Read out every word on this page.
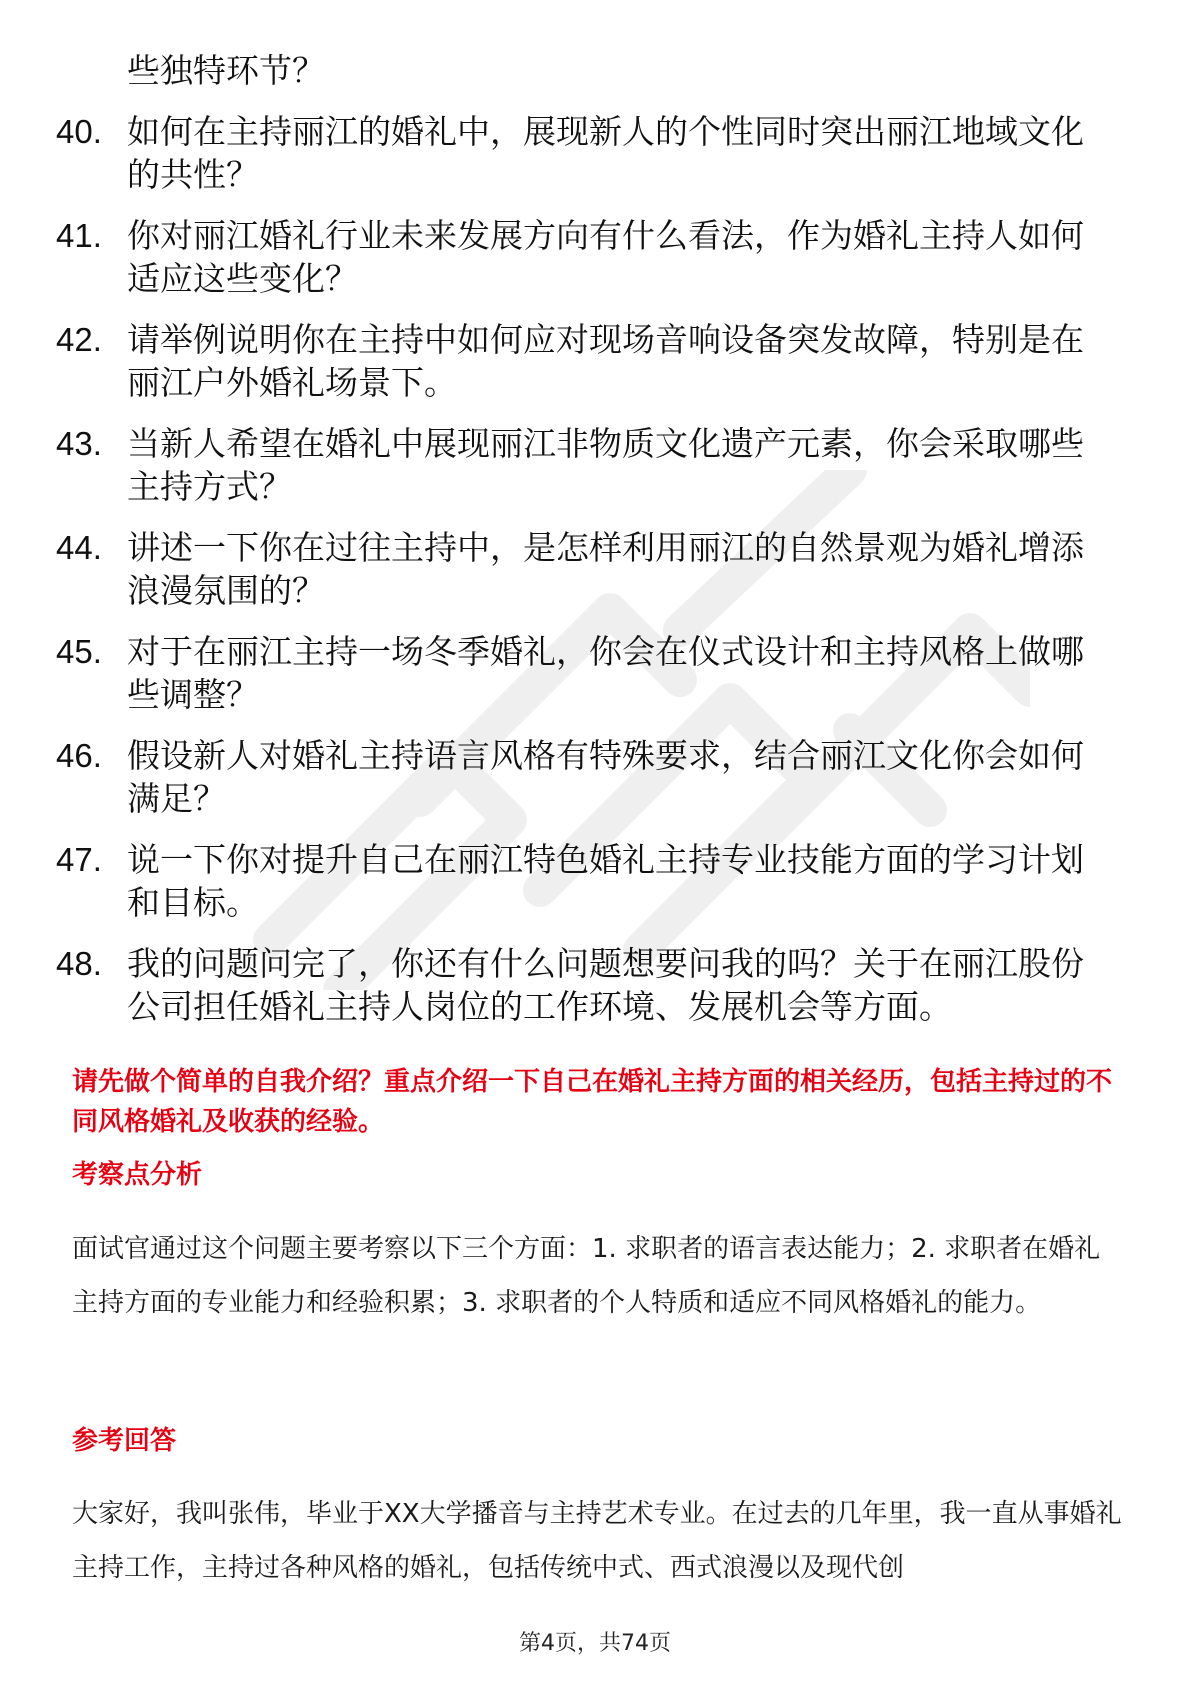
些独特环节？
40. 如何在主持丽江的婚礼中，展现新人的个性同时突出丽江地域文化的共性？
41. 你对丽江婚礼行业未来发展方向有什么看法，作为婚礼主持人如何适应这些变化？
42. 请举例说明你在主持中如何应对现场音响设备突发故障，特别是在丽江户外婚礼场景下。
43. 当新人希望在婚礼中展现丽江非物质文化遗产元素，你会采取哪些主持方式？
44. 讲述一下你在过往主持中，是怎样利用丽江的自然景观为婚礼增添浪漫氛围的？
45. 对于在丽江主持一场冬季婚礼，你会在仪式设计和主持风格上做哪些调整？
46. 假设新人对婚礼主持语言风格有特殊要求，结合丽江文化你会如何满足？
47. 说一下你对提升自己在丽江特色婚礼主持专业技能方面的学习计划和目标。
48. 我的问题问完了，你还有什么问题想要问我的吗？关于在丽江股份公司担任婚礼主持人岗位的工作环境、发展机会等方面。
请先做个简单的自我介绍？重点介绍一下自己在婚礼主持方面的相关经历，包括主持过的不同风格婚礼及收获的经验。
考察点分析
面试官通过这个问题主要考察以下三个方面：1. 求职者的语言表达能力；2. 求职者在婚礼主持方面的专业能力和经验积累；3. 求职者的个人特质和适应不同风格婚礼的能力。
参考回答
大家好，我叫张伟，毕业于XX大学播音与主持艺术专业。在过去的几年里，我一直从事婚礼主持工作，主持过各种风格的婚礼，包括传统中式、西式浪漫以及现代创
第4页，共74页
